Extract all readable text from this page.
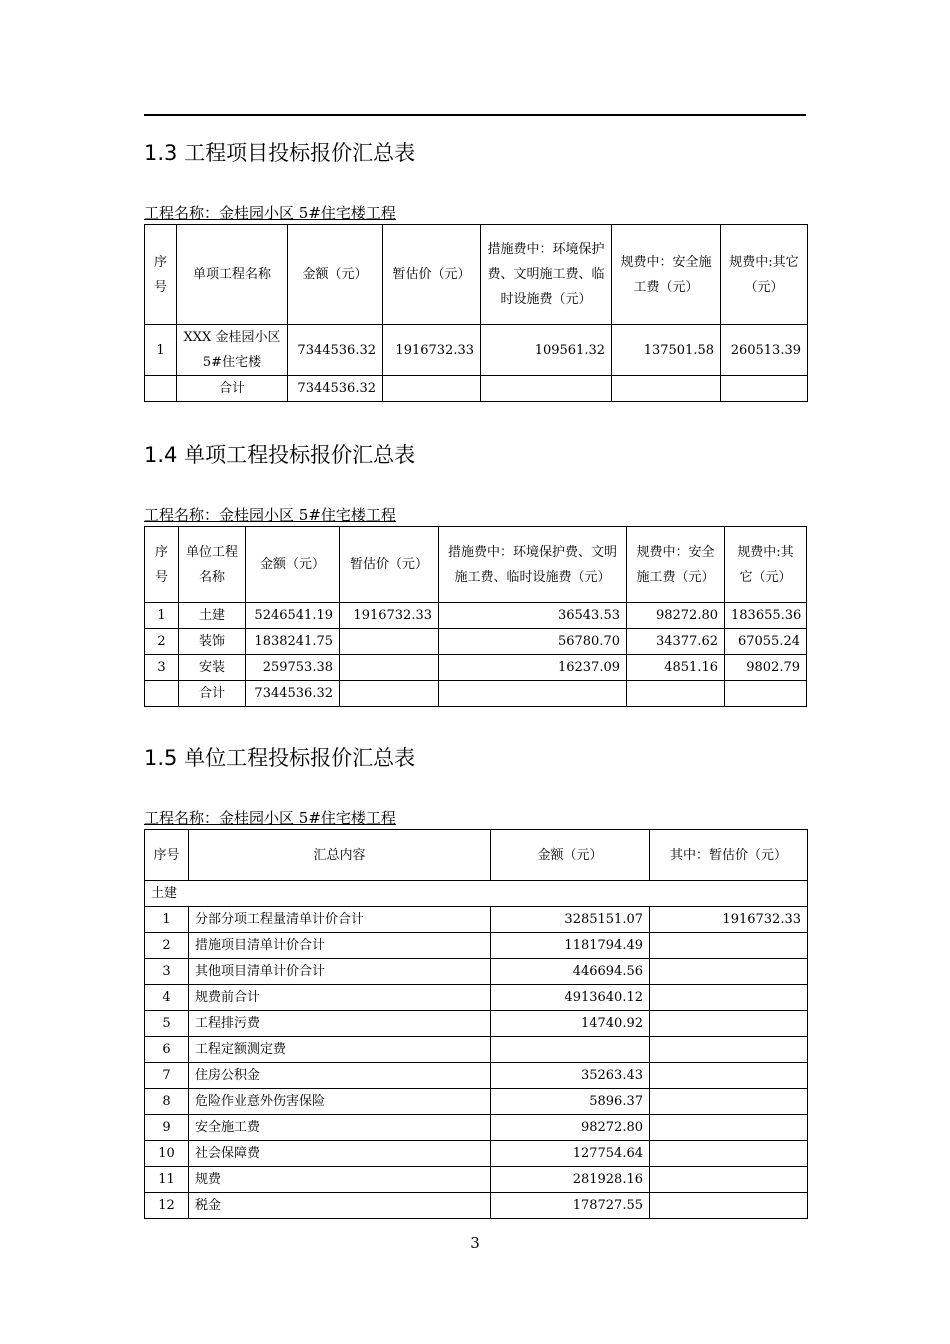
1.3 工程项目投标报价汇总表
工程名称：金桂园小区 5#住宅楼工程
序号	单项工程名称	金额（元）	暂估价（元）	措施费中：环境保护费、文明施工费、临时设施费（元）	规费中：安全施工费（元）	规费中:其它（元）
1	XXX 金桂园小区 5#住宅楼	7344536.32	1916732.33	109561.32	137501.58	260513.39
	合计	7344536.32				
1.4 单项工程投标报价汇总表
工程名称：金桂园小区 5#住宅楼工程
序号	单位工程名称	金额（元）	暂估价（元）	措施费中：环境保护费、文明施工费、临时设施费（元）	规费中：安全施工费（元）	规费中:其它（元）
1	土建	5246541.19	1916732.33	36543.53	98272.80	183655.36
2	装饰	1838241.75		56780.70	34377.62	67055.24
3	安装	259753.38		16237.09	4851.16	9802.79
	合计	7344536.32				
1.5 单位工程投标报价汇总表
工程名称：金桂园小区 5#住宅楼工程
序号	汇总内容	金额（元）	其中：暂估价（元）
土建			
1	分部分项工程量清单计价合计	3285151.07	1916732.33
2	措施项目清单计价合计	1181794.49	
3	其他项目清单计价合计	446694.56	
4	规费前合计	4913640.12	
5	工程排污费	14740.92	
6	工程定额测定费		
7	住房公积金	35263.43	
8	危险作业意外伤害保险	5896.37	
9	安全施工费	98272.80	
10	社会保障费	127754.64	
11	规费	281928.16	
12	税金	178727.55	
3
